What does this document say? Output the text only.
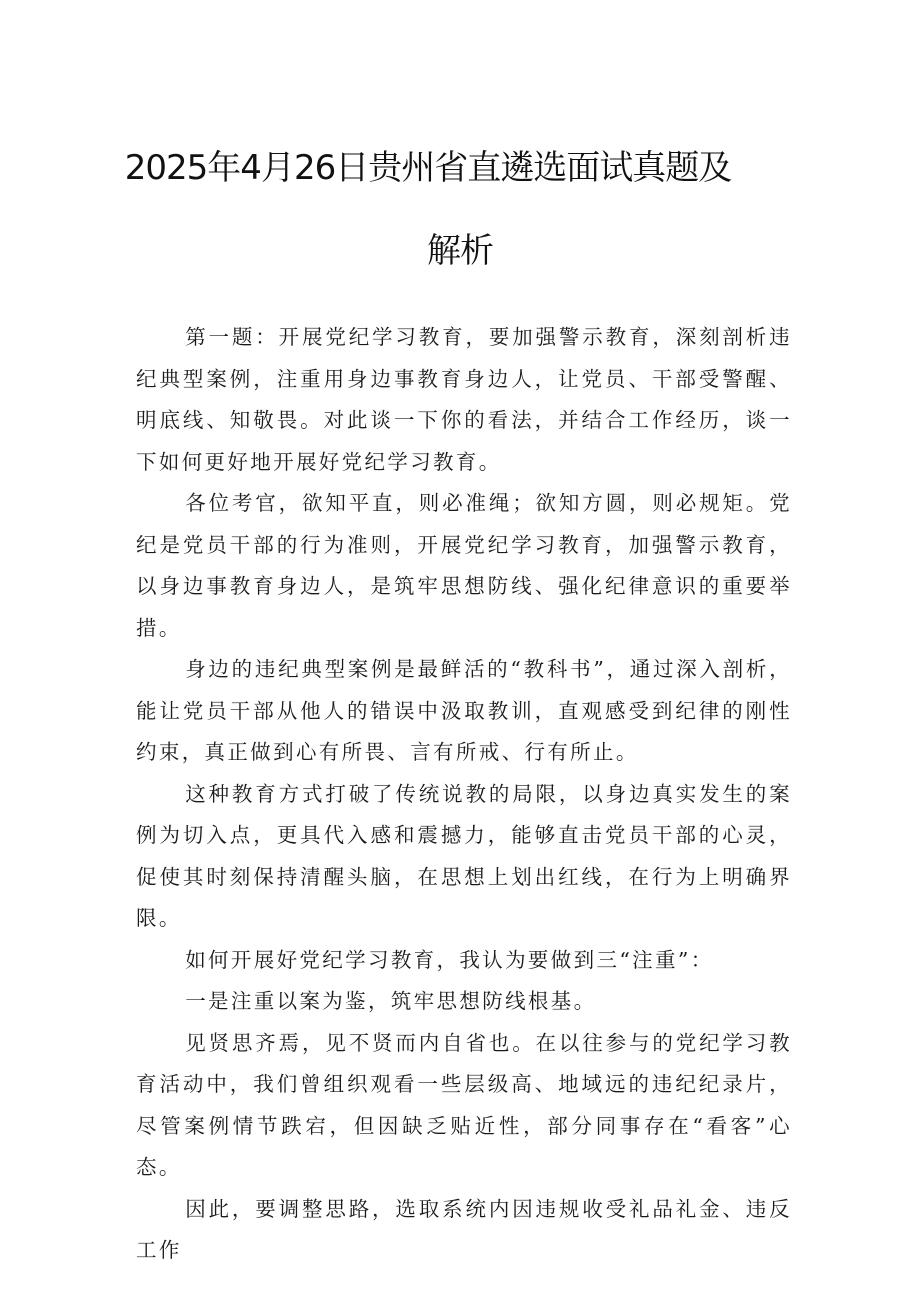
2025年4月26日贵州省直遴选面试真题及
解析

第一题：开展党纪学习教育，要加强警示教育，深刻剖析违纪典型案例，注重用身边事教育身边人，让党员、干部受警醒、明底线、知敬畏。对此谈一下你的看法，并结合工作经历，谈一下如何更好地开展好党纪学习教育。

各位考官，欲知平直，则必准绳；欲知方圆，则必规矩。党纪是党员干部的行为准则，开展党纪学习教育，加强警示教育，以身边事教育身边人，是筑牢思想防线、强化纪律意识的重要举措。

身边的违纪典型案例是最鲜活的“教科书”，通过深入剖析，能让党员干部从他人的错误中汲取教训，直观感受到纪律的刚性约束，真正做到心有所畏、言有所戒、行有所止。

这种教育方式打破了传统说教的局限，以身边真实发生的案例为切入点，更具代入感和震撼力，能够直击党员干部的心灵，促使其时刻保持清醒头脑，在思想上划出红线，在行为上明确界限。

如何开展好党纪学习教育，我认为要做到三“注重”：

一是注重以案为鉴，筑牢思想防线根基。

见贤思齐焉，见不贤而内自省也。在以往参与的党纪学习教育活动中，我们曾组织观看一些层级高、地域远的违纪纪录片，尽管案例情节跌宕，但因缺乏贴近性，部分同事存在“看客”心态。

因此，要调整思路，选取系统内因违规收受礼品礼金、违反工作
